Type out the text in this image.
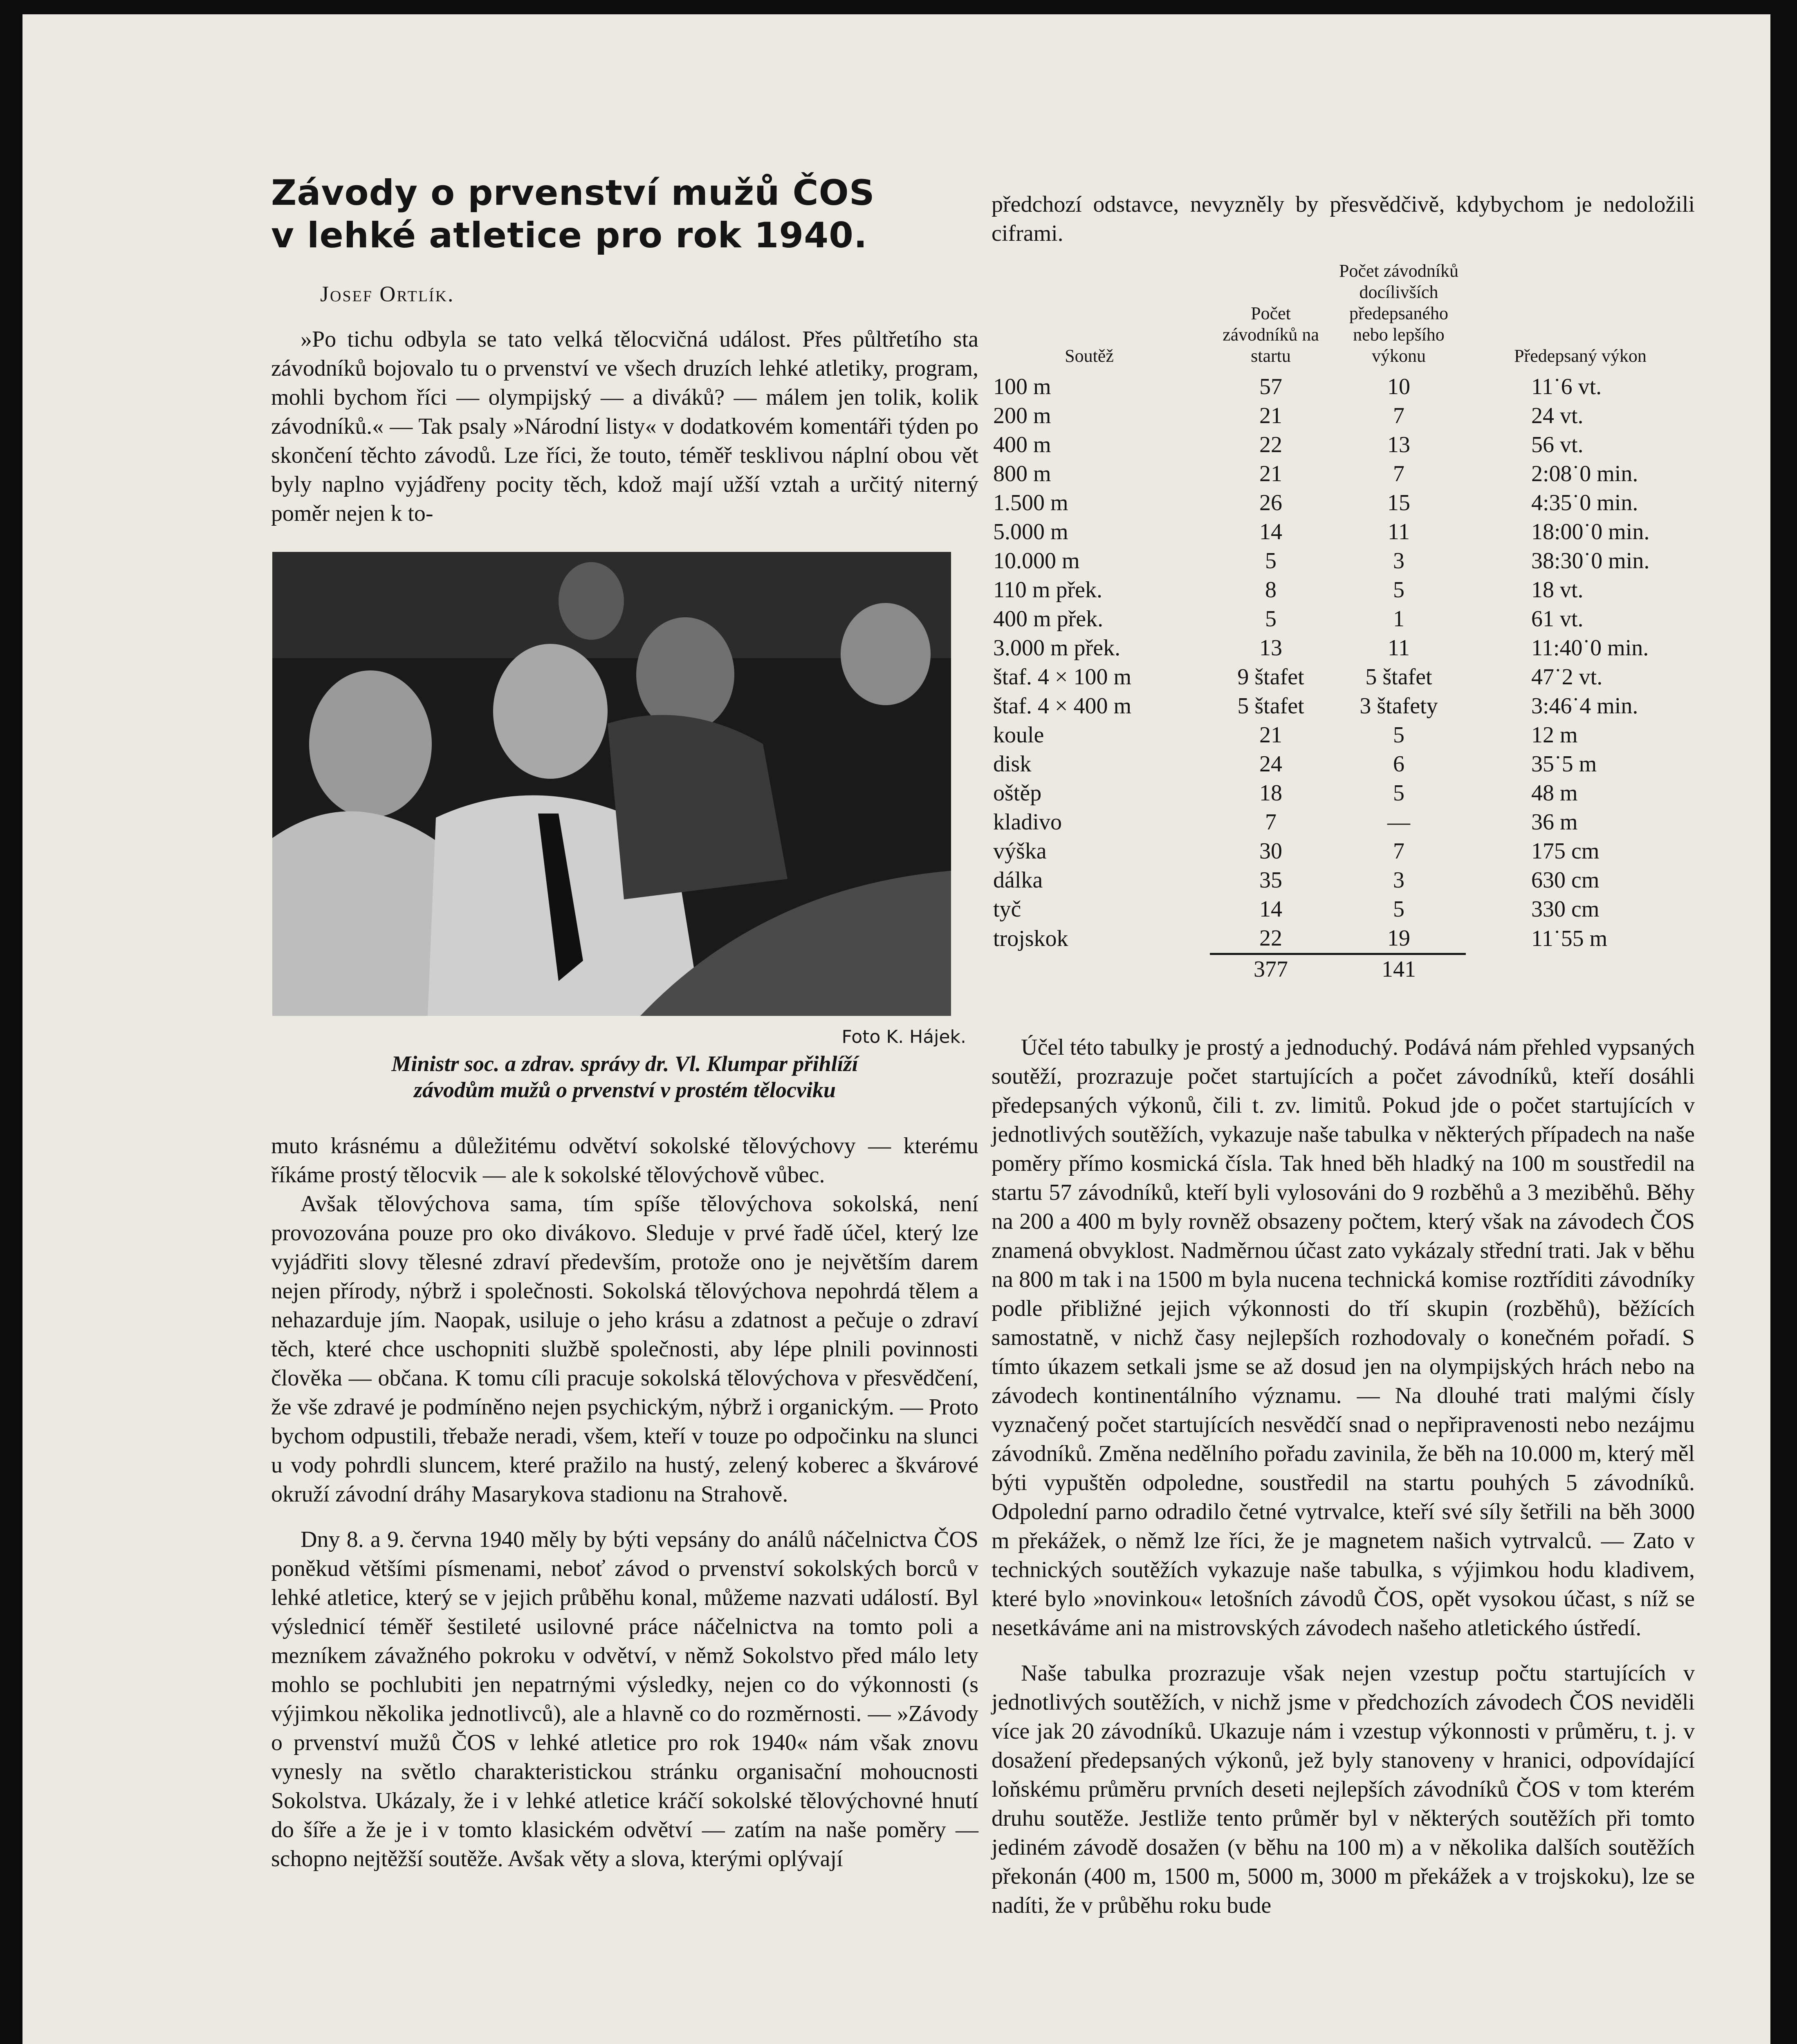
Závody o prvenství mužů ČOS
v lehké atletice pro rok 1940.
Josef Ortlík.

»Po tichu odbyla se tato velká tělocvičná událost. Přes půltřetího sta závodníků bojovalo tu o prvenství ve všech druzích lehké atletiky, program, mohli bychom říci — olympijský — a diváků? — málem jen tolik, kolik závodníků.« — Tak psaly »Národní listy« v dodatkovém komentáři týden po skončení těchto závodů. Lze říci, že touto, téměř tesklivou náplní obou vět byly naplno vyjádřeny pocity těch, kdož mají užší vztah a určitý niterný poměr nejen k to-

Foto K. Hájek.
Ministr soc. a zdrav. správy dr. Vl. Klumpar přihlíží
závodům mužů o prvenství v prostém tělocviku

muto krásnému a důležitému odvětví sokolské tělovýchovy — kterému říkáme prostý tělocvik — ale k sokolské tělovýchově vůbec.

Avšak tělovýchova sama, tím spíše tělovýchova sokolská, není provozována pouze pro oko divákovo. Sleduje v prvé řadě účel, který lze vyjádřiti slovy tělesné zdraví především, protože ono je největším darem nejen přírody, nýbrž i společnosti. Sokolská tělovýchova nepohrdá tělem a nehazarduje jím. Naopak, usiluje o jeho krásu a zdatnost a pečuje o zdraví těch, které chce uschopniti službě společnosti, aby lépe plnili povinnosti člověka — občana. K tomu cíli pracuje sokolská tělovýchova v přesvědčení, že vše zdravé je podmíněno nejen psychickým, nýbrž i organickým. — Proto bychom odpustili, třebaže neradi, všem, kteří v touze po odpočinku na slunci u vody pohrdli sluncem, které pražilo na hustý, zelený koberec a škvárové okruží závodní dráhy Masarykova stadionu na Strahově.

Dny 8. a 9. června 1940 měly by býti vepsány do análů náčelnictva ČOS poněkud většími písmenami, neboť závod o prvenství sokolských borců v lehké atletice, který se v jejich průběhu konal, můžeme nazvati událostí. Byl výslednicí téměř šestileté usilovné práce náčelnictva na tomto poli a mezníkem závažného pokroku v odvětví, v němž Sokolstvo před málo lety mohlo se pochlubiti jen nepatrnými výsledky, nejen co do výkonnosti (s výjimkou několika jednotlivců), ale a hlavně co do rozměrnosti. — »Závody o prvenství mužů ČOS v lehké atletice pro rok 1940« nám však znovu vynesly na světlo charakteristickou stránku organisační mohoucnosti Sokolstva. Ukázaly, že i v lehké atletice kráčí sokolské tělovýchovné hnutí do šíře a že je i v tomto klasickém odvětví — zatím na naše poměry — schopno nejtěžší soutěže. Avšak věty a slova, kterými oplývají

předchozí odstavce, nevyzněly by přesvědčivě, kdybychom je nedoložili ciframi.

Soutěž	Počet závodníků na startu	Počet závodníků docílivších předepsaného nebo lepšího výkonu	Předepsaný výkon
100 m	57	10	11˙6 vt.
200 m	21	7	24 vt.
400 m	22	13	56 vt.
800 m	21	7	2:08˙0 min.
1.500 m	26	15	4:35˙0 min.
5.000 m	14	11	18:00˙0 min.
10.000 m	5	3	38:30˙0 min.
110 m přek.	8	5	18 vt.
400 m přek.	5	1	61 vt.
3.000 m přek.	13	11	11:40˙0 min.
štaf. 4 × 100 m	9 štafet	5 štafet	47˙2 vt.
štaf. 4 × 400 m	5 štafet	3 štafety	3:46˙4 min.
koule	21	5	12 m
disk	24	6	35˙5 m
oštěp	18	5	48 m
kladivo	7	—	36 m
výška	30	7	175 cm
dálka	35	3	630 cm
tyč	14	5	330 cm
trojskok	22	19	11˙55 m
	377	141	

Účel této tabulky je prostý a jednoduchý. Podává nám přehled vypsaných soutěží, prozrazuje počet startujících a počet závodníků, kteří dosáhli předepsaných výkonů, čili t. zv. limitů. Pokud jde o počet startujících v jednotlivých soutěžích, vykazuje naše tabulka v některých případech na naše poměry přímo kosmická čísla. Tak hned běh hladký na 100 m soustředil na startu 57 závodníků, kteří byli vylosováni do 9 rozběhů a 3 meziběhů. Běhy na 200 a 400 m byly rovněž obsazeny počtem, který však na závodech ČOS znamená obvyklost. Nadměrnou účast zato vykázaly střední trati. Jak v běhu na 800 m tak i na 1500 m byla nucena technická komise roztříditi závodníky podle přibližné jejich výkonnosti do tří skupin (rozběhů), běžících samostatně, v nichž časy nejlepších rozhodovaly o konečném pořadí. S tímto úkazem setkali jsme se až dosud jen na olympijských hrách nebo na závodech kontinentálního významu. — Na dlouhé trati malými čísly vyznačený počet startujících nesvědčí snad o nepřipravenosti nebo nezájmu závodníků. Změna nedělního pořadu zavinila, že běh na 10.000 m, který měl býti vypuštěn odpoledne, soustředil na startu pouhých 5 závodníků. Odpolední parno odradilo četné vytrvalce, kteří své síly šetřili na běh 3000 m překážek, o němž lze říci, že je magnetem našich vytrvalců. — Zato v technických soutěžích vykazuje naše tabulka, s výjimkou hodu kladivem, které bylo »novinkou« letošních závodů ČOS, opět vysokou účast, s níž se nesetkáváme ani na mistrovských závodech našeho atletického ústředí.

Naše tabulka prozrazuje však nejen vzestup počtu startujících v jednotlivých soutěžích, v nichž jsme v předchozích závodech ČOS neviděli více jak 20 závodníků. Ukazuje nám i vzestup výkonnosti v průměru, t. j. v dosažení předepsaných výkonů, jež byly stanoveny v hranici, odpovídající loňskému průměru prvních deseti nejlepších závodníků ČOS v tom kterém druhu soutěže. Jestliže tento průměr byl v některých soutěžích při tomto jediném závodě dosažen (v běhu na 100 m) a v několika dalších soutěžích překonán (400 m, 1500 m, 5000 m, 3000 m překážek a v trojskoku), lze se nadíti, že v průběhu roku bude
